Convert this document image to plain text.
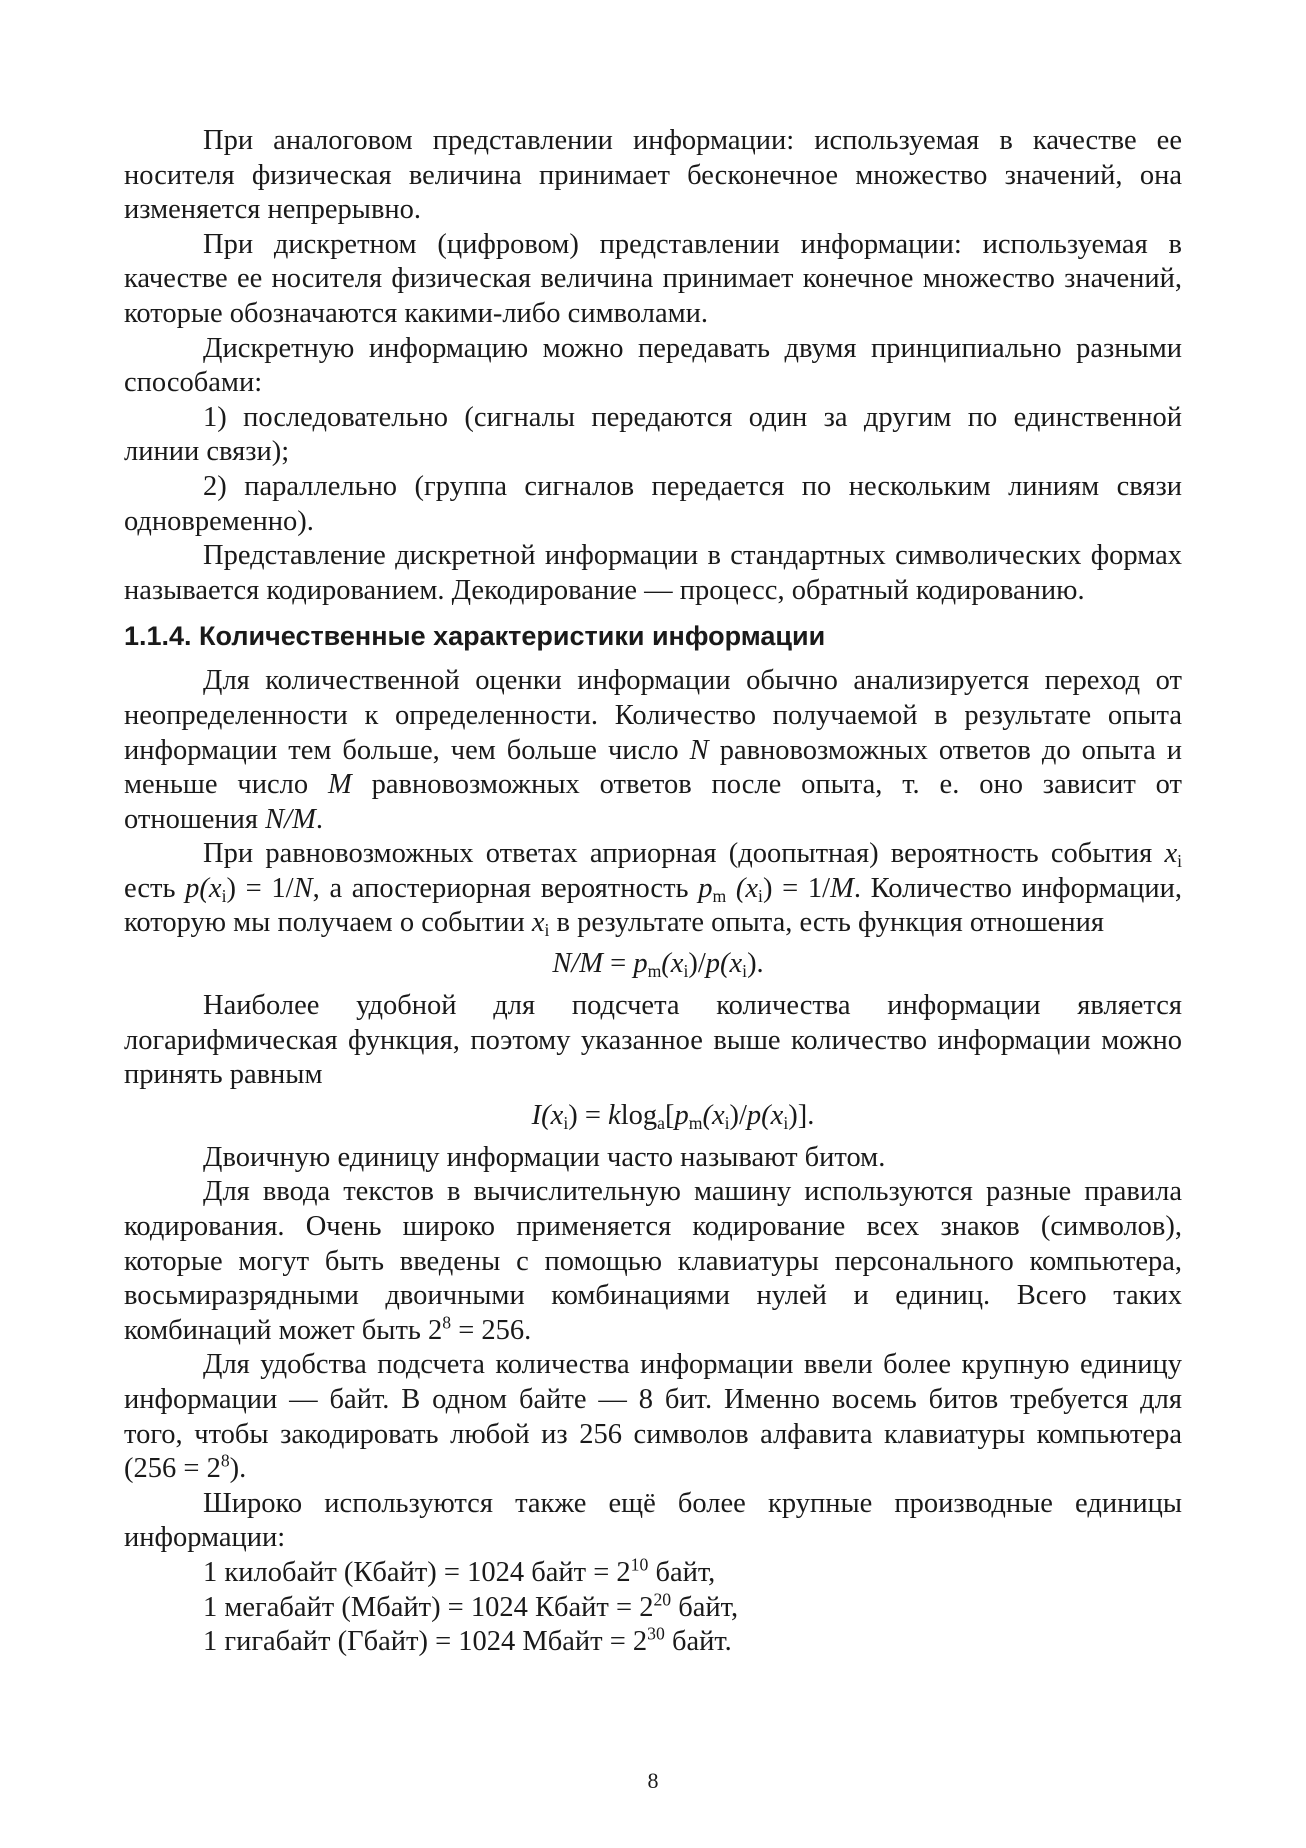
При аналоговом представлении информации: используемая в качестве ее носителя физическая величина принимает бесконечное множество значений, она изменяется непрерывно.

При дискретном (цифровом) представлении информации: используемая в качестве ее носителя физическая величина принимает конечное множество значений, которые обозначаются какими-либо символами.

Дискретную информацию можно передавать двумя принципиально разными способами:

1) последовательно (сигналы передаются один за другим по единственной линии связи);

2) параллельно (группа сигналов передается по нескольким линиям связи одновременно).

Представление дискретной информации в стандартных символических формах называется кодированием. Декодирование — процесс, обратный кодированию.

1.1.4. Количественные характеристики информации

Для количественной оценки информации обычно анализируется переход от неопределенности к определенности. Количество получаемой в результате опыта информации тем больше, чем больше число N равновозможных ответов до опыта и меньше число M равновозможных ответов после опыта, т. е. оно зависит от отношения N/M.

При равновозможных ответах априорная (доопытная) вероятность события $x_i$ есть $p(x_i) = 1/N$, а апостериорная вероятность $p_m$ $(x_i) = 1/M$. Количество информации, которую мы получаем о событии $x_i$ в результате опыта, есть функция отношения

$N/M = p_m(x_i)/p(x_i)$.

Наиболее удобной для подсчета количества информации является логарифмическая функция, поэтому указанное выше количество информации можно принять равным

$I(x_i) = klog_a[p_m(x_i)/p(x_i)]$.

Двоичную единицу информации часто называют битом.

Для ввода текстов в вычислительную машину используются разные правила кодирования. Очень широко применяется кодирование всех знаков (символов), которые могут быть введены с помощью клавиатуры персонального компьютера, восьмиразрядными двоичными комбинациями нулей и единиц. Всего таких комбинаций может быть $2^8 = 256$.

Для удобства подсчета количества информации ввели более крупную единицу информации — байт. В одном байте — 8 бит. Именно восемь битов требуется для того, чтобы закодировать любой из 256 символов алфавита клавиатуры компьютера $(256 = 2^8)$.

Широко используются также ещё более крупные производные единицы информации:

1 килобайт (Кбайт) = 1024 байт = $2^{10}$ байт,

1 мегабайт (Мбайт) = 1024 Кбайт = $2^{20}$ байт,

1 гигабайт (Гбайт) = 1024 Мбайт = $2^{30}$ байт.

8
